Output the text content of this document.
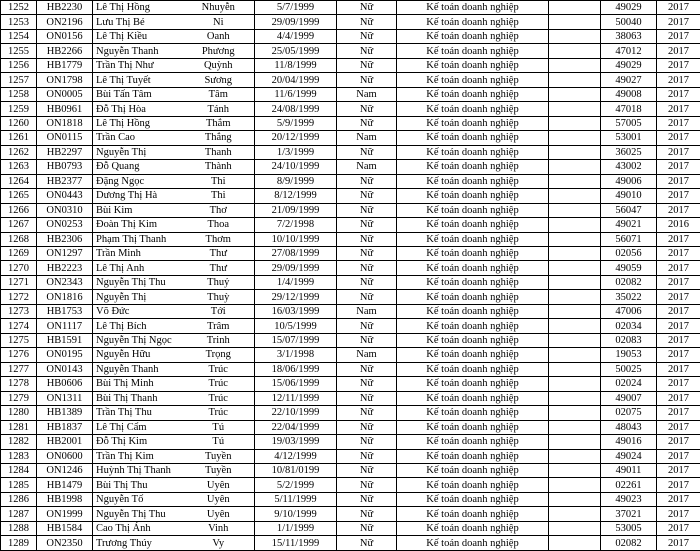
1252	HB2230	Lê Thị Hồng	Nhuyễn	5/7/1999	Nữ	Kế toán doanh nghiệp		49029	2017
1253	ON2196	Lưu Thị Bé	Ni	29/09/1999	Nữ	Kế toán doanh nghiệp		50040	2017
1254	ON0156	Lê Thị Kiều	Oanh	4/4/1999	Nữ	Kế toán doanh nghiệp		38063	2017
1255	HB2266	Nguyễn Thanh	Phương	25/05/1999	Nữ	Kế toán doanh nghiệp		47012	2017
1256	HB1779	Trần Thị Như	Quỳnh	11/8/1999	Nữ	Kế toán doanh nghiệp		49029	2017
1257	ON1798	Lê Thị Tuyết	Sương	20/04/1999	Nữ	Kế toán doanh nghiệp		49027	2017
1258	ON0005	Bùi Tấn Tâm	Tâm	11/6/1999	Nam	Kế toán doanh nghiệp		49008	2017
1259	HB0961	Đỗ Thị Hòa	Tánh	24/08/1999	Nữ	Kế toán doanh nghiệp		47018	2017
1260	ON1818	Lê Thị Hồng	Thắm	5/9/1999	Nữ	Kế toán doanh nghiệp		57005	2017
1261	ON0115	Trần Cao	Thắng	20/12/1999	Nam	Kế toán doanh nghiệp		53001	2017
1262	HB2297	Nguyễn Thị	Thanh	1/3/1999	Nữ	Kế toán doanh nghiệp		36025	2017
1263	HB0793	Đỗ Quang	Thành	24/10/1999	Nam	Kế toán doanh nghiệp		43002	2017
1264	HB2377	Đặng Ngọc	Thi	8/9/1999	Nữ	Kế toán doanh nghiệp		49006	2017
1265	ON0443	Dương Thị Hà	Thi	8/12/1999	Nữ	Kế toán doanh nghiệp		49010	2017
1266	ON0310	Bùi Kim	Thơ	21/09/1999	Nữ	Kế toán doanh nghiệp		56047	2017
1267	ON0253	Đoàn Thị Kim	Thoa	7/2/1998	Nữ	Kế toán doanh nghiệp		49021	2016
1268	HB2306	Phạm Thị Thanh	Thơm	10/10/1999	Nữ	Kế toán doanh nghiệp		56071	2017
1269	ON1297	Trần Minh	Thư	27/08/1999	Nữ	Kế toán doanh nghiệp		02056	2017
1270	HB2223	Lê Thị Anh	Thư	29/09/1999	Nữ	Kế toán doanh nghiệp		49059	2017
1271	ON2343	Nguyễn Thị Thu	Thuỷ	1/4/1999	Nữ	Kế toán doanh nghiệp		02082	2017
1272	ON1816	Nguyễn Thị	Thuỳ	29/12/1999	Nữ	Kế toán doanh nghiệp		35022	2017
1273	HB1753	Võ Đức	Tới	16/03/1999	Nam	Kế toán doanh nghiệp		47006	2017
1274	ON1117	Lê Thị Bích	Trâm	10/5/1999	Nữ	Kế toán doanh nghiệp		02034	2017
1275	HB1591	Nguyễn Thị Ngọc	Trinh	15/07/1999	Nữ	Kế toán doanh nghiệp		02083	2017
1276	ON0195	Nguyễn Hữu	Trọng	3/1/1998	Nam	Kế toán doanh nghiệp		19053	2017
1277	ON0143	Nguyễn Thanh	Trúc	18/06/1999	Nữ	Kế toán doanh nghiệp		50025	2017
1278	HB0606	Bùi Thị Minh	Trúc	15/06/1999	Nữ	Kế toán doanh nghiệp		02024	2017
1279	ON1311	Bùi Thị Thanh	Trúc	12/11/1999	Nữ	Kế toán doanh nghiệp		49007	2017
1280	HB1389	Trần Thị Thu	Trúc	22/10/1999	Nữ	Kế toán doanh nghiệp		02075	2017
1281	HB1837	Lê Thị Cẩm	Tú	22/04/1999	Nữ	Kế toán doanh nghiệp		48043	2017
1282	HB2001	Đỗ Thị Kim	Tú	19/03/1999	Nữ	Kế toán doanh nghiệp		49016	2017
1283	ON0600	Trần Thị Kim	Tuyền	4/12/1999	Nữ	Kế toán doanh nghiệp		49024	2017
1284	ON1246	Huỳnh Thị Thanh	Tuyền	10/81/0199	Nữ	Kế toán doanh nghiệp		49011	2017
1285	HB1479	Bùi Thị Thu	Uyên	5/2/1999	Nữ	Kế toán doanh nghiệp		02261	2017
1286	HB1998	Nguyễn Tố	Uyên	5/11/1999	Nữ	Kế toán doanh nghiệp		49023	2017
1287	ON1999	Nguyễn Thị Thu	Uyên	9/10/1999	Nữ	Kế toán doanh nghiệp		37021	2017
1288	HB1584	Cao Thị Ánh	Vinh	1/1/1999	Nữ	Kế toán doanh nghiệp		53005	2017
1289	ON2350	Trương Thúy	Vy	15/11/1999	Nữ	Kế toán doanh nghiệp		02082	2017
